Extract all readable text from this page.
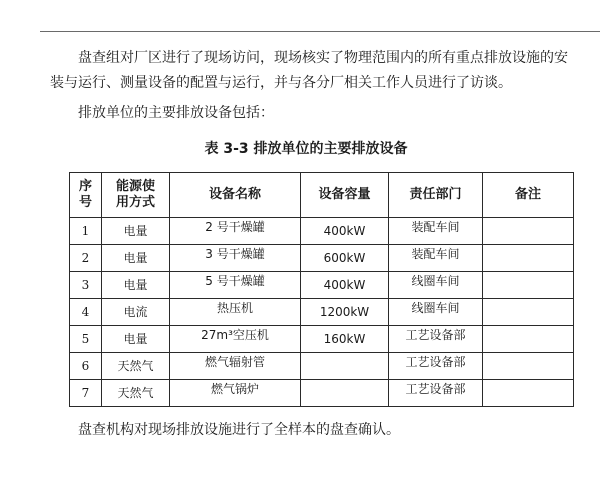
盘查组对厂区进行了现场访问，现场核实了物理范围内的所有重点排放设施的安装与运行、测量设备的配置与运行，并与各分厂相关工作人员进行了访谈。

排放单位的主要排放设备包括：

表 3-3 排放单位的主要排放设备
序号	能源使用方式	设备名称	设备容量	责任部门	备注
1	电量	2 号干燥罐	400kW	装配车间	
2	电量	3 号干燥罐	600kW	装配车间	
3	电量	5 号干燥罐	400kW	线圈车间	
4	电流	热压机	1200kW	线圈车间	
5	电量	27m³空压机	160kW	工艺设备部	
6	天然气	燃气辐射管		工艺设备部	
7	天然气	燃气锅炉		工艺设备部	

盘查机构对现场排放设施进行了全样本的盘查确认。
